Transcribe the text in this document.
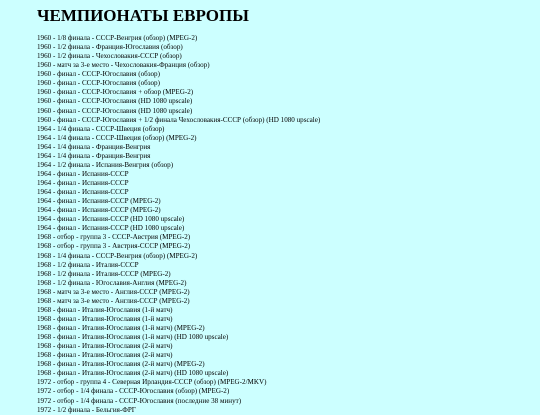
ЧЕМПИОНАТЫ ЕВРОПЫ
1960 - 1/8 финала - СССР-Венгрия (обзор) (MPEG-2)
1960 - 1/2 финала - Франция-Югославия (обзор)
1960 - 1/2 финала - Чехословакия-СССР (обзор)
1960 - матч за 3-е место - Чехословакия-Франция (обзор)
1960 - финал - СССР-Югославия (обзор)
1960 - финал - СССР-Югославия (обзор)
1960 - финал - СССР-Югославия + обзор (MPEG-2)
1960 - финал - СССР-Югославия (HD 1080 upscale)
1960 - финал - СССР-Югославия (HD 1080 upscale)
1960 - финал - СССР-Югославия + 1/2 финала Чехословакия-СССР (обзор) (HD 1080 upscale)
1964 - 1/4 финала - СССР-Швеция (обзор)
1964 - 1/4 финала - СССР-Швеция (обзор) (MPEG-2)
1964 - 1/4 финала - Франция-Венгрия
1964 - 1/4 финала - Франция-Венгрия
1964 - 1/2 финала - Испания-Венгрия (обзор)
1964 - финал - Испания-СССР
1964 - финал - Испания-СССР
1964 - финал - Испания-СССР
1964 - финал - Испания-СССР (MPEG-2)
1964 - финал - Испания-СССР (MPEG-2)
1964 - финал - Испания-СССР (HD 1080 upscale)
1964 - финал - Испания-СССР (HD 1080 upscale)
1968 - отбор - группа 3 - СССР-Австрия (MPEG-2)
1968 - отбор - группа 3 - Австрия-СССР (MPEG-2)
1968 - 1/4 финала - СССР-Венгрия (обзор) (MPEG-2)
1968 - 1/2 финала - Италия-СССР
1968 - 1/2 финала - Италия-СССР (MPEG-2)
1968 - 1/2 финала - Югославия-Англия (MPEG-2)
1968 - матч за 3-е место - Англия-СССР (MPEG-2)
1968 - матч за 3-е место - Англия-СССР (MPEG-2)
1968 - финал - Италия-Югославия (1-й матч)
1968 - финал - Италия-Югославия (1-й матч)
1968 - финал - Италия-Югославия (1-й матч) (MPEG-2)
1968 - финал - Италия-Югославия (1-й матч) (HD 1080 upscale)
1968 - финал - Италия-Югославия (2-й матч)
1968 - финал - Италия-Югославия (2-й матч)
1968 - финал - Италия-Югославия (2-й матч) (MPEG-2)
1968 - финал - Италия-Югославия (2-й матч) (HD 1080 upscale)
1972 - отбор - группа 4 - Северная Ирландия-СССР (обзор) (MPEG-2/MKV)
1972 - отбор - 1/4 финала - СССР-Югославия (обзор) (MPEG-2)
1972 - отбор - 1/4 финала - СССР-Югославия (последние 38 минут)
1972 - 1/2 финала - Бельгия-ФРГ
